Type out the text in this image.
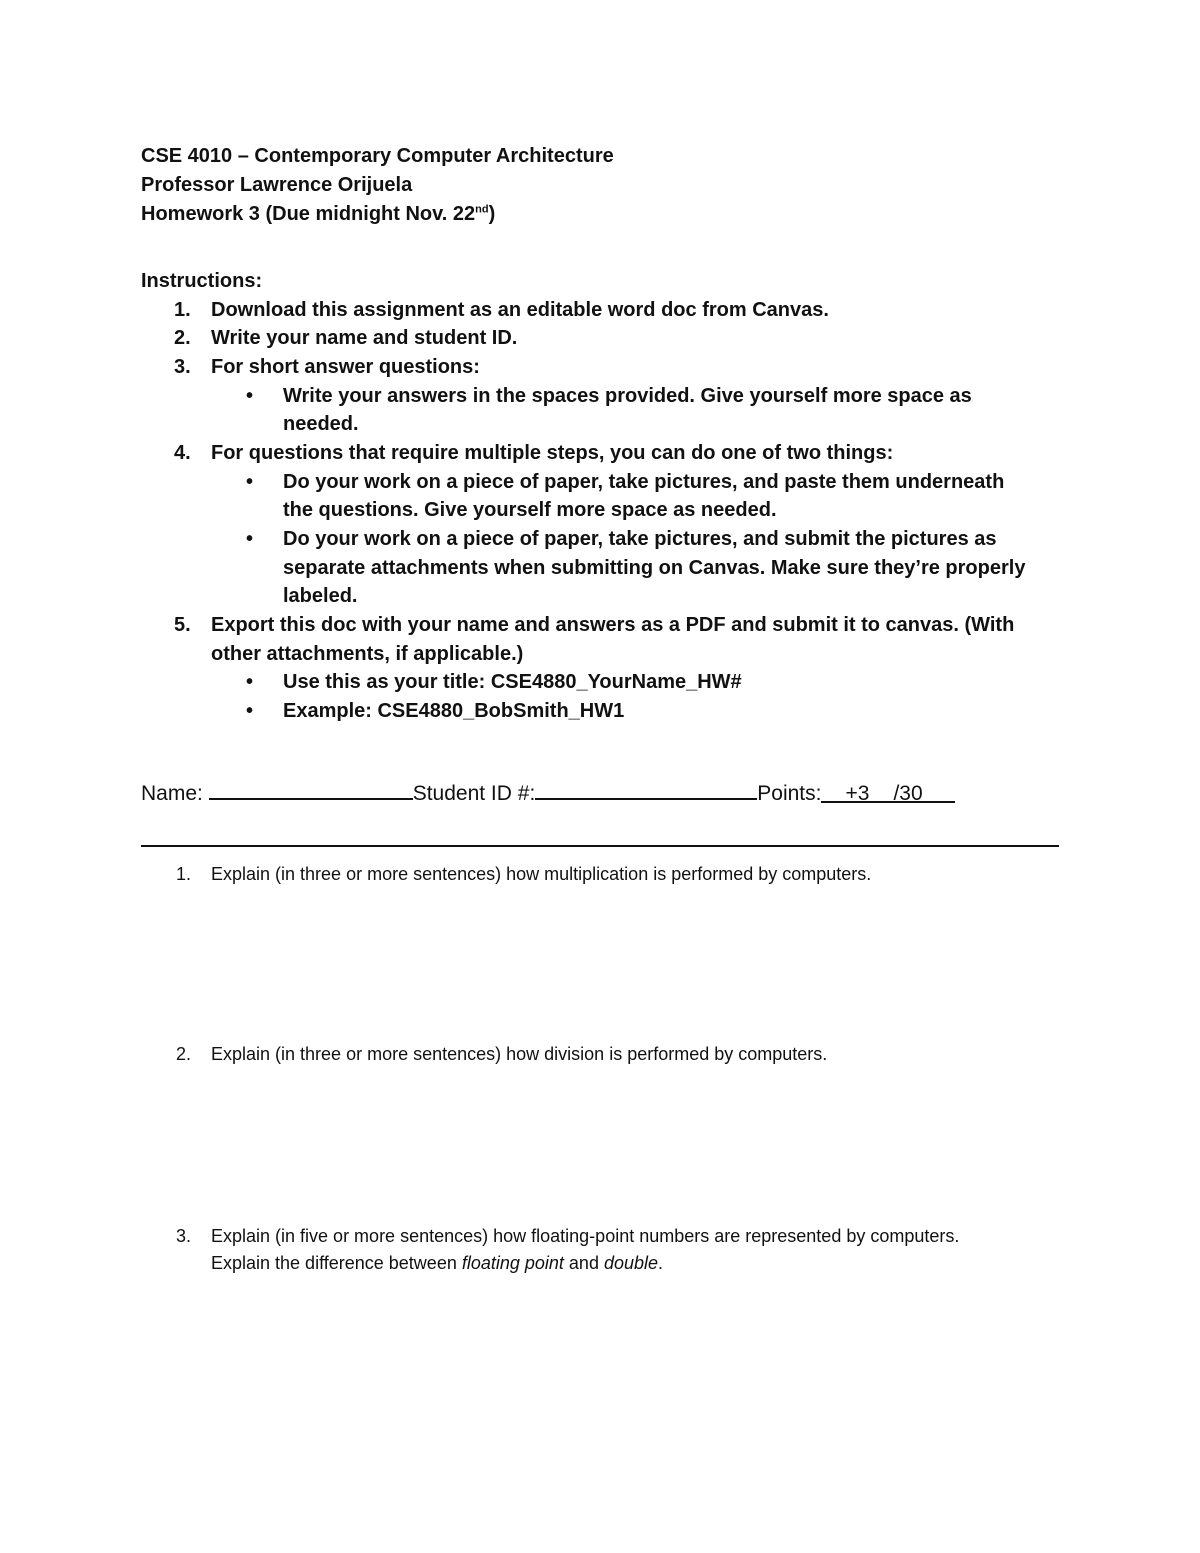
CSE 4010 – Contemporary Computer Architecture
Professor Lawrence Orijuela
Homework 3 (Due midnight Nov. 22nd)
Instructions:
1. Download this assignment as an editable word doc from Canvas.
2. Write your name and student ID.
3. For short answer questions:
• Write your answers in the spaces provided. Give yourself more space as
needed.
4. For questions that require multiple steps, you can do one of two things:
• Do your work on a piece of paper, take pictures, and paste them underneath
the questions. Give yourself more space as needed.
• Do your work on a piece of paper, take pictures, and submit the pictures as
separate attachments when submitting on Canvas. Make sure they’re properly
labeled.
5. Export this doc with your name and answers as a PDF and submit it to canvas. (With
other attachments, if applicable.)
• Use this as your title: CSE4880_YourName_HW#
• Example: CSE4880_BobSmith_HW1
Name:	Student ID #:	Points: +3 /30
1. Explain (in three or more sentences) how multiplication is performed by computers.
2. Explain (in three or more sentences) how division is performed by computers.
3. Explain (in five or more sentences) how floating-point numbers are represented by computers.
Explain the difference between floating point and double.
